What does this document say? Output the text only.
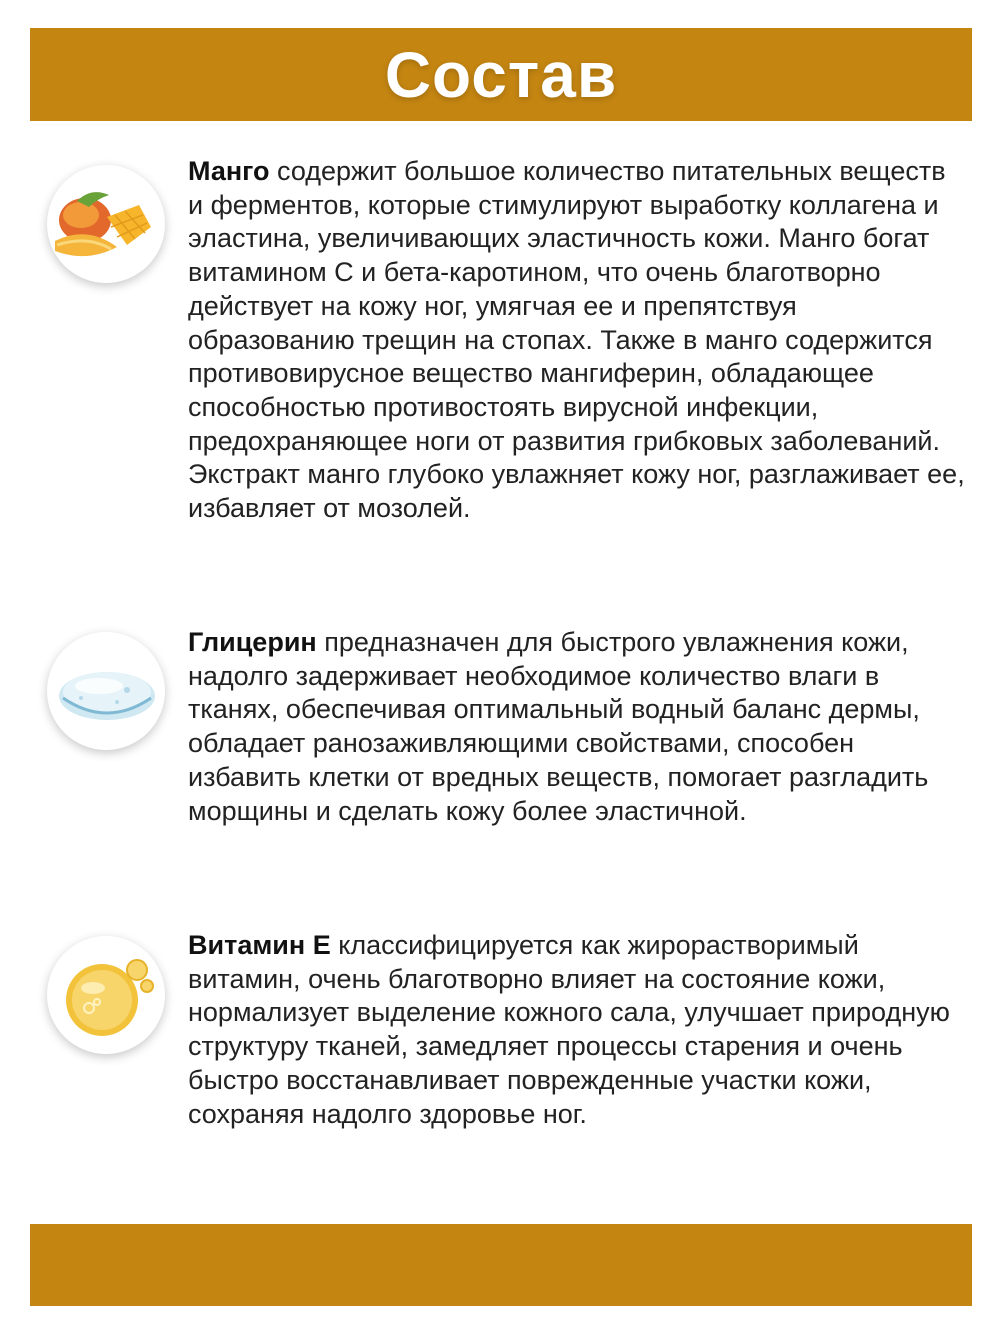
Состав

Манго содержит большое количество питательных веществ и ферментов, которые стимулируют выработку коллагена и эластина, увеличивающих эластичность кожи. Манго богат витамином С и бета-каротином, что очень благотворно действует на кожу ног, умягчая ее и препятствуя образованию трещин на стопах. Также в манго содержится противовирусное вещество мангиферин, обладающее способностью противостоять вирусной инфекции, предохраняющее ноги от развития грибковых заболеваний. Экстракт манго глубоко увлажняет кожу ног, разглаживает ее, избавляет от мозолей.

Глицерин предназначен для быстрого увлажнения кожи, надолго задерживает необходимое количество влаги в тканях, обеспечивая оптимальный водный баланс дермы, обладает ранозаживляющими свойствами, способен избавить клетки от вредных веществ, помогает разгладить морщины и сделать кожу более эластичной.

Витамин Е классифицируется как жирорастворимый витамин, очень благотворно влияет на состояние кожи, нормализует выделение кожного сала, улучшает природную структуру тканей, замедляет процессы старения и очень быстро восстанавливает поврежденные участки кожи, сохраняя надолго здоровье ног.
